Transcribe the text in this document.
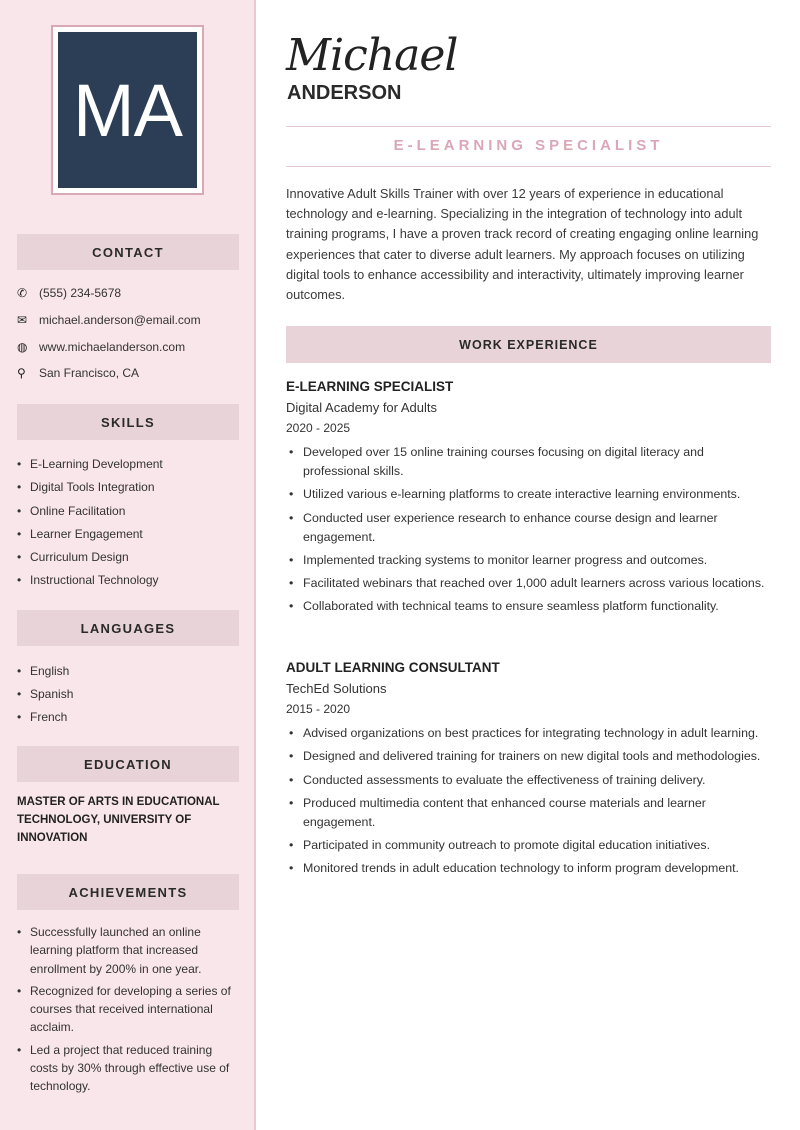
MA
CONTACT
✆ (555) 234-5678
✉ michael.anderson@email.com
◍ www.michaelanderson.com
⚲	San Francisco, CA
SKILLS
• E-Learning Development
• Digital Tools Integration
• Online Facilitation
• Learner Engagement
• Curriculum Design
• Instructional Technology
LANGUAGES
• English
• Spanish
• French
EDUCATION
MASTER OF ARTS IN EDUCATIONAL TECHNOLOGY, UNIVERSITY OF INNOVATION
ACHIEVEMENTS
• Successfully launched an online learning platform that increased enrollment by 200% in one year.
• Recognized for developing a series of courses that received international acclaim.
• Led a project that reduced training costs by 30% through effective use of technology.
Michael
ANDERSON
E-LEARNING SPECIALIST
Innovative Adult Skills Trainer with over 12 years of experience in educational technology and e-learning. Specializing in the integration of technology into adult training programs, I have a proven track record of creating engaging online learning experiences that cater to diverse adult learners. My approach focuses on utilizing digital tools to enhance accessibility and interactivity, ultimately improving learner outcomes.
WORK EXPERIENCE
E-LEARNING SPECIALIST
Digital Academy for Adults
2020 - 2025
• Developed over 15 online training courses focusing on digital literacy and professional skills.
• Utilized various e-learning platforms to create interactive learning environments.
• Conducted user experience research to enhance course design and learner engagement.
• Implemented tracking systems to monitor learner progress and outcomes.
• Facilitated webinars that reached over 1,000 adult learners across various locations.
• Collaborated with technical teams to ensure seamless platform functionality.
ADULT LEARNING CONSULTANT
TechEd Solutions
2015 - 2020
• Advised organizations on best practices for integrating technology in adult learning.
• Designed and delivered training for trainers on new digital tools and methodologies.
• Conducted assessments to evaluate the effectiveness of training delivery.
• Produced multimedia content that enhanced course materials and learner engagement.
• Participated in community outreach to promote digital education initiatives.
• Monitored trends in adult education technology to inform program development.
